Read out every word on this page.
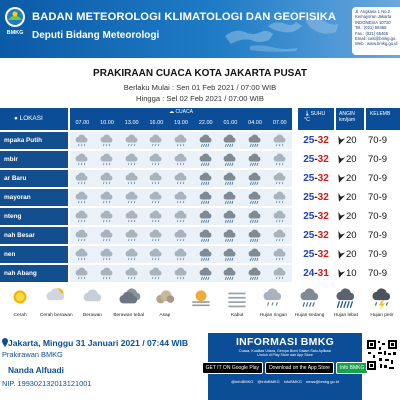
BMKG
BADAN METEOROLOGI KLIMATOLOGI DAN GEOFISIKA
Deputi Bidang Meteorologi
Jl. Angkasa 1 No.2
Kemayoran Jakarta
INDONESIA 10720
Tel.: (021) 65465
Fax.: (021) 65465
Email: cws@bmkg.go.
Web : www.bmkg.go.id
PRAKIRAAN CUACA KOTA JAKARTA PUSAT
Berlaku Mulai : Sen 01 Feb 2021 / 07:00 WIB
Hingga : Sel 02 Feb 2021 / 07:00 WIB
● LOKASI
☁ CUACA
07.00	10.00	13.00	16.00	19.00	22.00	01.00	04.00	07.00
🌡SUHU
°C
ANGIN
km/jam
KELEMB
mpaka Putih	25-32	20 70-9
mbir	25-32	20 70-9
ar Baru	25-32	20 70-9
mayoran	25-32	20 70-9
nteng	25-32	20 70-9
nah Besar	25-32	20 70-9
nen	25-32	20 70-9
nah Abang	24-31	10 70-9
Cerah	Cerah berawan Berawan Berawan tebal	Asap	Kabut	Hujan ringan Hujan sedang Hujan lebat	Hujan petir
Jakarta, Minggu 31 Januari 2021 / 07:44 WIB
Prakirawan BMKG
Nanda Alfuadi
NIP. 199302132013121001
INFORMASI BMKG
Cuaca, Kualitas Udara, Gempa Bumi Dalam Satu Aplikasi
Unduh di Play Store dan App Store
GET IT ON Google Play	Download on the App Store	Info BMKG
@infoBMKG @infoBMKG infoBMKG news@bmkg.go.id
